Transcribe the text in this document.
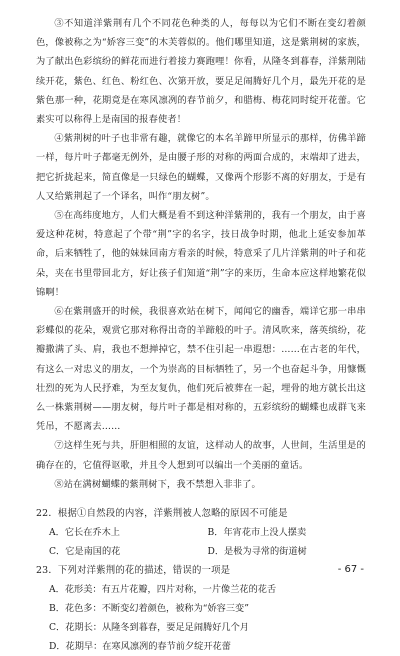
③不知道洋紫荆有几个不同花色种类的人，每每以为它们不断在变幻着颜色，像被称之为“娇容三变”的木芙蓉似的。他们哪里知道，这是紫荆树的家族，为了献出色彩缤纷的鲜花而进行着接力赛跑哩！你看，从隆冬到暮春，洋紫荆陆续开花，紫色、红色、粉红色、次第开放，要足足闹腾好几个月，最先开花的是紫色那一种，花期竟是在寒风凛冽的春节前夕，和腊梅、梅花同时绽开花蕾。它素实可以称得上是南国的报春使者！

④紫荆树的叶子也非常有趣，就像它的本名羊蹄甲所显示的那样，仿佛羊蹄一样，每片叶子都毫无例外，是由腰子形的对称的两面合成的，末端却了进去，把它折拢起来，简直像是一只绿色的蝴蝶，又像两个形影不离的好朋友，于是有人又给紫荆起了一个译名，叫作“朋友树”。

⑤在高纬度地方，人们大概是看不到这种洋紫荆的，我有一个朋友，由于喜爱这种花树，特意起了个带“荆”字的名字，技日战争时期，他北上延安参加革命，后来牺牲了，他的妹妹回南方看亲的时候，特意采了几片洋紫荆的叶子和花朵，夹在书里带回北方，好让孩子们知道“荆”字的来历，生命本应这样地繁花似锦啊！

⑥在紫荆盛开的时候，我很喜欢站在树下，闻闻它的幽香，端详它那一串串彩蝶似的花朵，观赏它那对称得出奇的羊蹄般的叶子。清风吹来，落英缤纷，花瓣撒满了头、肩，我也不想掸掉它，禁不住引起一串遐想：……在古老的年代，有这么一对忠义的朋友，一个为崇高的目标牺牲了，另一个也奋起斗争，用慷慨壮烈的死为人民抒难，为至友复仇，他们死后被葬在一起，埋骨的地方就长出这么一株紫荆树——朋友树，每片叶子都是相对称的，五彩缤纷的蝴蝶也成群飞来凭吊，不愿离去……

⑦这样生死与共，肝胆相照的友谊，这样动人的故事，人世间，生活里是的确存在的，它值得讴歌，并且令人想到可以编出一个美丽的童话。

⑧站在满树蝴蝶的紫荆树下，我不禁想入非非了。

22．根据①自然段的内容，洋紫荆被人忽略的原因不可能是

A．它长在乔木上	B．年宵花市上没人摆卖
C．它是南国的花	D．是极为寻常的街道树

23．下列对洋紫荆的花的描述，错误的一项是

A．花形美：有五片花瓣，四片对称，一片像兰花的花舌
B．花色多：不断变幻着颜色，被称为“娇容三变”
C．花期长：从隆冬到暮春，要足足闹腾好几个月
D．花期早：在寒风凛冽的春节前夕绽开花蕾
- 67 -
